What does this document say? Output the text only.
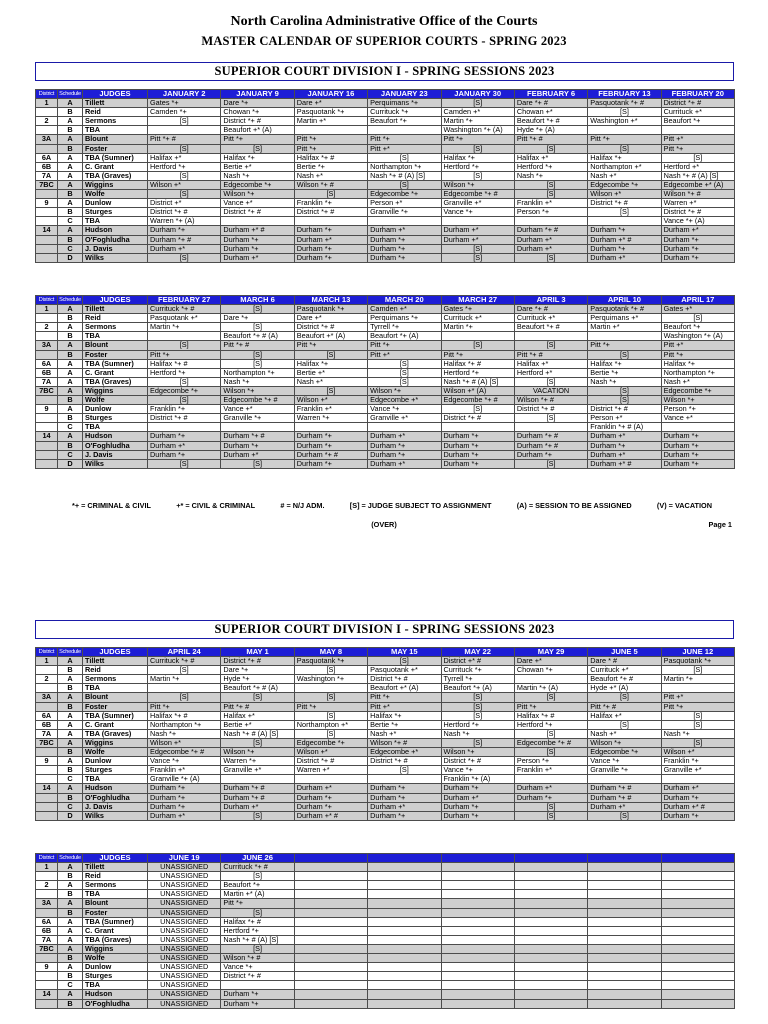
North Carolina Administrative Office of the Courts
MASTER CALENDAR OF SUPERIOR COURTS - SPRING 2023
SUPERIOR COURT DIVISION I - SPRING SESSIONS 2023
District	Schedule	JUDGES	JANUARY 2	JANUARY 9	JANUARY 16	JANUARY 23	JANUARY 30	FEBRUARY 6	FEBRUARY 13	FEBRUARY 20
1	A	Tillett	Gates *+	Dare *+	Dare +*	Perquimans *+	[S]	Dare *+ #	Pasquotank *+ #	District *+ #
	B	Reid	Camden *+	Chowan *+	Pasquotank *+	Currituck *+	Camden +*	Chowan +*	[S]	Currituck +*
2	A	Sermons	[S]	District *+ #	Martin +*	Beaufort *+	Martin *+	Beaufort *+ #	Washington +*	Beaufort *+
	B	TBA		Beaufort +* (A)			Washington *+ (A)	Hyde *+ (A)		
3A	A	Blount	Pitt *+ #	Pitt *+	Pitt *+	Pitt *+	Pitt *+	Pitt *+ #	Pitt *+	Pitt +*
	B	Foster	[S]	[S]	Pitt *+	Pitt +*	[S]	[S]	[S]	Pitt *+
6A	A	TBA (Sumner)	Halifax +*	Halifax *+	Halifax *+ #	[S]	Halifax *+	Halifax +*	Halifax *+	[S]
6B	A	C. Grant	Hertford *+	Bertie +*	Bertie *+	Northampton *+	Hertford *+	Hertford *+	Northampton +*	Hertford +*
7A	A	TBA (Graves)	[S]	Nash *+	Nash +*	Nash *+ # (A) [S]	[S]	Nash *+	Nash +*	Nash *+ # (A) [S]
7BC	A	Wiggins	Wilson +*	Edgecombe *+	Wilson *+ #	[S]	Wilson *+	[S]	Edgecombe *+	Edgecombe +* (A)
	B	Wolfe	[S]	Wilson *+	[S]	Edgecombe *+	Edgecombe *+ #	[S]	Wilson +*	Wilson *+ #
9	A	Dunlow	District +*	Vance +*	Franklin *+	Person +*	Granville +*	Franklin +*	District *+ #	Warren +*
	B	Sturges	District *+ #	District *+ #	District *+ #	Granville *+	Vance *+	Person *+	[S]	District *+ #
	C	TBA	Warren *+ (A)							Vance *+ (A)
14	A	Hudson	Durham *+	Durham +* #	Durham *+	Durham +*	Durham +*	Durham *+ #	Durham *+	Durham +*
	B	O'Foghludha	Durham *+ #	Durham *+	Durham +*	Durham *+	Durham +*	Durham +*	Durham +* #	Durham *+
	C	J. Davis	Durham +*	Durham *+	Durham *+	Durham *+	[S]	Durham +*	Durham *+	Durham *+
	D	Wilks	[S]	Durham +*	Durham *+	Durham *+	[S]	[S]	Durham +*	Durham *+
District	Schedule	JUDGES	FEBRUARY 27	MARCH 6	MARCH 13	MARCH 20	MARCH 27	APRIL 3	APRIL 10	APRIL 17
1	A	Tillett	Currituck *+ #	[S]	Pasquotank *+	Camden +*	Gates *+	Dare *+ #	Pasquotank *+ #	Gates +*
	B	Reid	Pasquotank +*	Dare *+	Dare +*	Perquimans *+	Currituck +*	Currituck +*	Perquimans +*	[S]
2	A	Sermons	Martin *+	[S]	District *+ #	Tyrrell *+	Martin *+	Beaufort *+ #	Martin +*	Beaufort *+
	B	TBA		Beaufort *+ # (A)	Beaufort +* (A)	Beaufort *+ (A)				Washington *+ (A)
3A	A	Blount	[S]	Pitt *+ #	Pitt *+	Pitt *+	[S]	[S]	Pitt *+	Pitt +*
	B	Foster	Pitt *+	[S]	[S]	Pitt +*	Pitt *+	Pitt *+ #	[S]	Pitt *+
6A	A	TBA (Sumner)	Halifax *+ #	[S]	Halifax *+	[S]	Halifax *+ #	Halifax +*	Halifax *+	Halifax *+
6B	A	C. Grant	Hertford *+	Northampton *+	Bertie +*	[S]	Hertford *+	Hertford +*	Bertie *+	Northampton *+
7A	A	TBA (Graves)	[S]	Nash *+	Nash +*	[S]	Nash *+ # (A) [S]	[S]	Nash *+	Nash +*
7BC	A	Wiggins	Edgecombe *+	Wilson *+	[S]	Wilson *+	Wilson +* (A)	VACATION	[S]	Edgecombe *+
	B	Wolfe	[S]	Edgecombe *+ #	Wilson +*	Edgecombe +*	Edgecombe *+ #	Wilson *+ #	[S]	Wilson *+
9	A	Dunlow	Franklin *+	Vance +*	Franklin +*	Vance *+	[S]	District *+ #	District *+ #	Person *+
	B	Sturges	District *+ #	Granville *+	Warren *+	Granville +*	District *+ #	[S]	Person +*	Vance +*
	C	TBA							Franklin *+ # (A)	
14	A	Hudson	Durham *+	Durham *+ #	Durham *+	Durham +*	Durham *+	Durham *+ #	Durham +*	Durham *+
	B	O'Foghludha	Durham +*	Durham *+	Durham *+	Durham *+	Durham *+	Durham *+ #	Durham *+	Durham *+
	C	J. Davis	Durham *+	Durham +*	Durham *+ #	Durham *+	Durham *+	Durham *+	Durham +*	Durham *+
	D	Wilks	[S]	[S]	Durham *+	Durham +*	Durham *+	[S]	Durham +* #	Durham *+
*+ = CRIMINAL & CIVIL	+* = CIVIL & CRIMINAL	# = N/J ADM.	[S] = JUDGE SUBJECT TO ASSIGNMENT	(A) = SESSION TO BE ASSIGNED	(V) = VACATION
(OVER)	Page 1
SUPERIOR COURT DIVISION I - SPRING SESSIONS 2023
District	Schedule	JUDGES	APRIL 24	MAY 1	MAY 8	MAY 15	MAY 22	MAY 29	JUNE 5	JUNE 12
1	A	Tillett	Currituck *+ #	District *+ #	Pasquotank *+	[S]	District +* #	Dare +*	Dare * #	Pasquotank *+
	B	Reid	[S]	Dare *+	[S]	Pasquotank +*	Currituck *+	Chowan *+	Currituck +*	[S]
2	A	Sermons	Martin *+	Hyde *+	Washington *+	District *+ #	Tyrrell *+		Beaufort *+ #	Martin *+
	B	TBA		Beaufort *+ # (A)		Beaufort +* (A)	Beaufort *+ (A)	Martin *+ (A)	Hyde +* (A)	
3A	A	Blount	[S]	[S]	[S]	Pitt *+	[S]	[S]	[S]	Pitt +*
	B	Foster	Pitt *+	Pitt *+ #	Pitt *+	Pitt +*	[S]	Pitt *+	Pitt *+ #	Pitt *+
6A	A	TBA (Sumner)	Halifax *+ #	Halifax +*	[S]	Halifax *+	[S]	Halifax *+ #	Halifax +*	[S]
6B	A	C. Grant	Northampton *+	Bertie +*	Northampton +*	Bertie *+	Hertford *+	Hertford *+	[S]	[S]
7A	A	TBA (Graves)	Nash *+	Nash *+ # (A) [S]	[S]	Nash +*	Nash *+	[S]	Nash +*	Nash *+
7BC	A	Wiggins	Wilson +*	[S]	Edgecombe *+	Wilson *+ #	[S]	Edgecombe *+ #	Wilson *+	[S]
	B	Wolfe	Edgecombe *+ #	Wilson *+	Wilson +*	Edgecombe +*	Wilson *+	[S]	Edgecombe *+	Wilson +*
9	A	Dunlow	Vance *+	Warren *+	District *+ #	District *+ #	District *+ #	Person *+	Vance *+	Franklin *+
	B	Sturges	Franklin +*	Granville +*	Warren +*	[S]	Vance *+	Franklin +*	Granville *+	Granville +*
	C	TBA	Granville *+ (A)				Franklin *+ (A)			
14	A	Hudson	Durham *+	Durham *+ #	Durham +*	Durham *+	Durham *+	Durham +*	Durham *+ #	Durham +*
	B	O'Foghludha	Durham *+	Durham *+ #	Durham *+	Durham *+	Durham +*	Durham *+	Durham *+ #	Durham *+
	C	J. Davis	Durham *+	Durham +*	Durham *+	Durham +*	Durham *+	[S]	Durham +*	Durham +* #
	D	Wilks	Durham +*	[S]	Durham +* #	Durham *+	Durham *+	[S]	[S]	Durham *+
District	Schedule	JUDGES	JUNE 19	JUNE 26						
1	A	Tillett	UNASSIGNED	Currituck *+ #						
	B	Reid	UNASSIGNED	[S]						
2	A	Sermons	UNASSIGNED	Beaufort *+						
	B	TBA	UNASSIGNED	Martin +* (A)						
3A	A	Blount	UNASSIGNED	Pitt *+						
	B	Foster	UNASSIGNED	[S]						
6A	A	TBA (Sumner)	UNASSIGNED	Halifax *+ #						
6B	A	C. Grant	UNASSIGNED	Hertford *+						
7A	A	TBA (Graves)	UNASSIGNED	Nash *+ # (A) [S]						
7BC	A	Wiggins	UNASSIGNED	[S]						
	B	Wolfe	UNASSIGNED	Wilson *+ #						
9	A	Dunlow	UNASSIGNED	Vance *+						
	B	Sturges	UNASSIGNED	District *+ #						
	C	TBA	UNASSIGNED							
14	A	Hudson	UNASSIGNED	Durham *+						
	B	O'Foghludha	UNASSIGNED	Durham *+						
